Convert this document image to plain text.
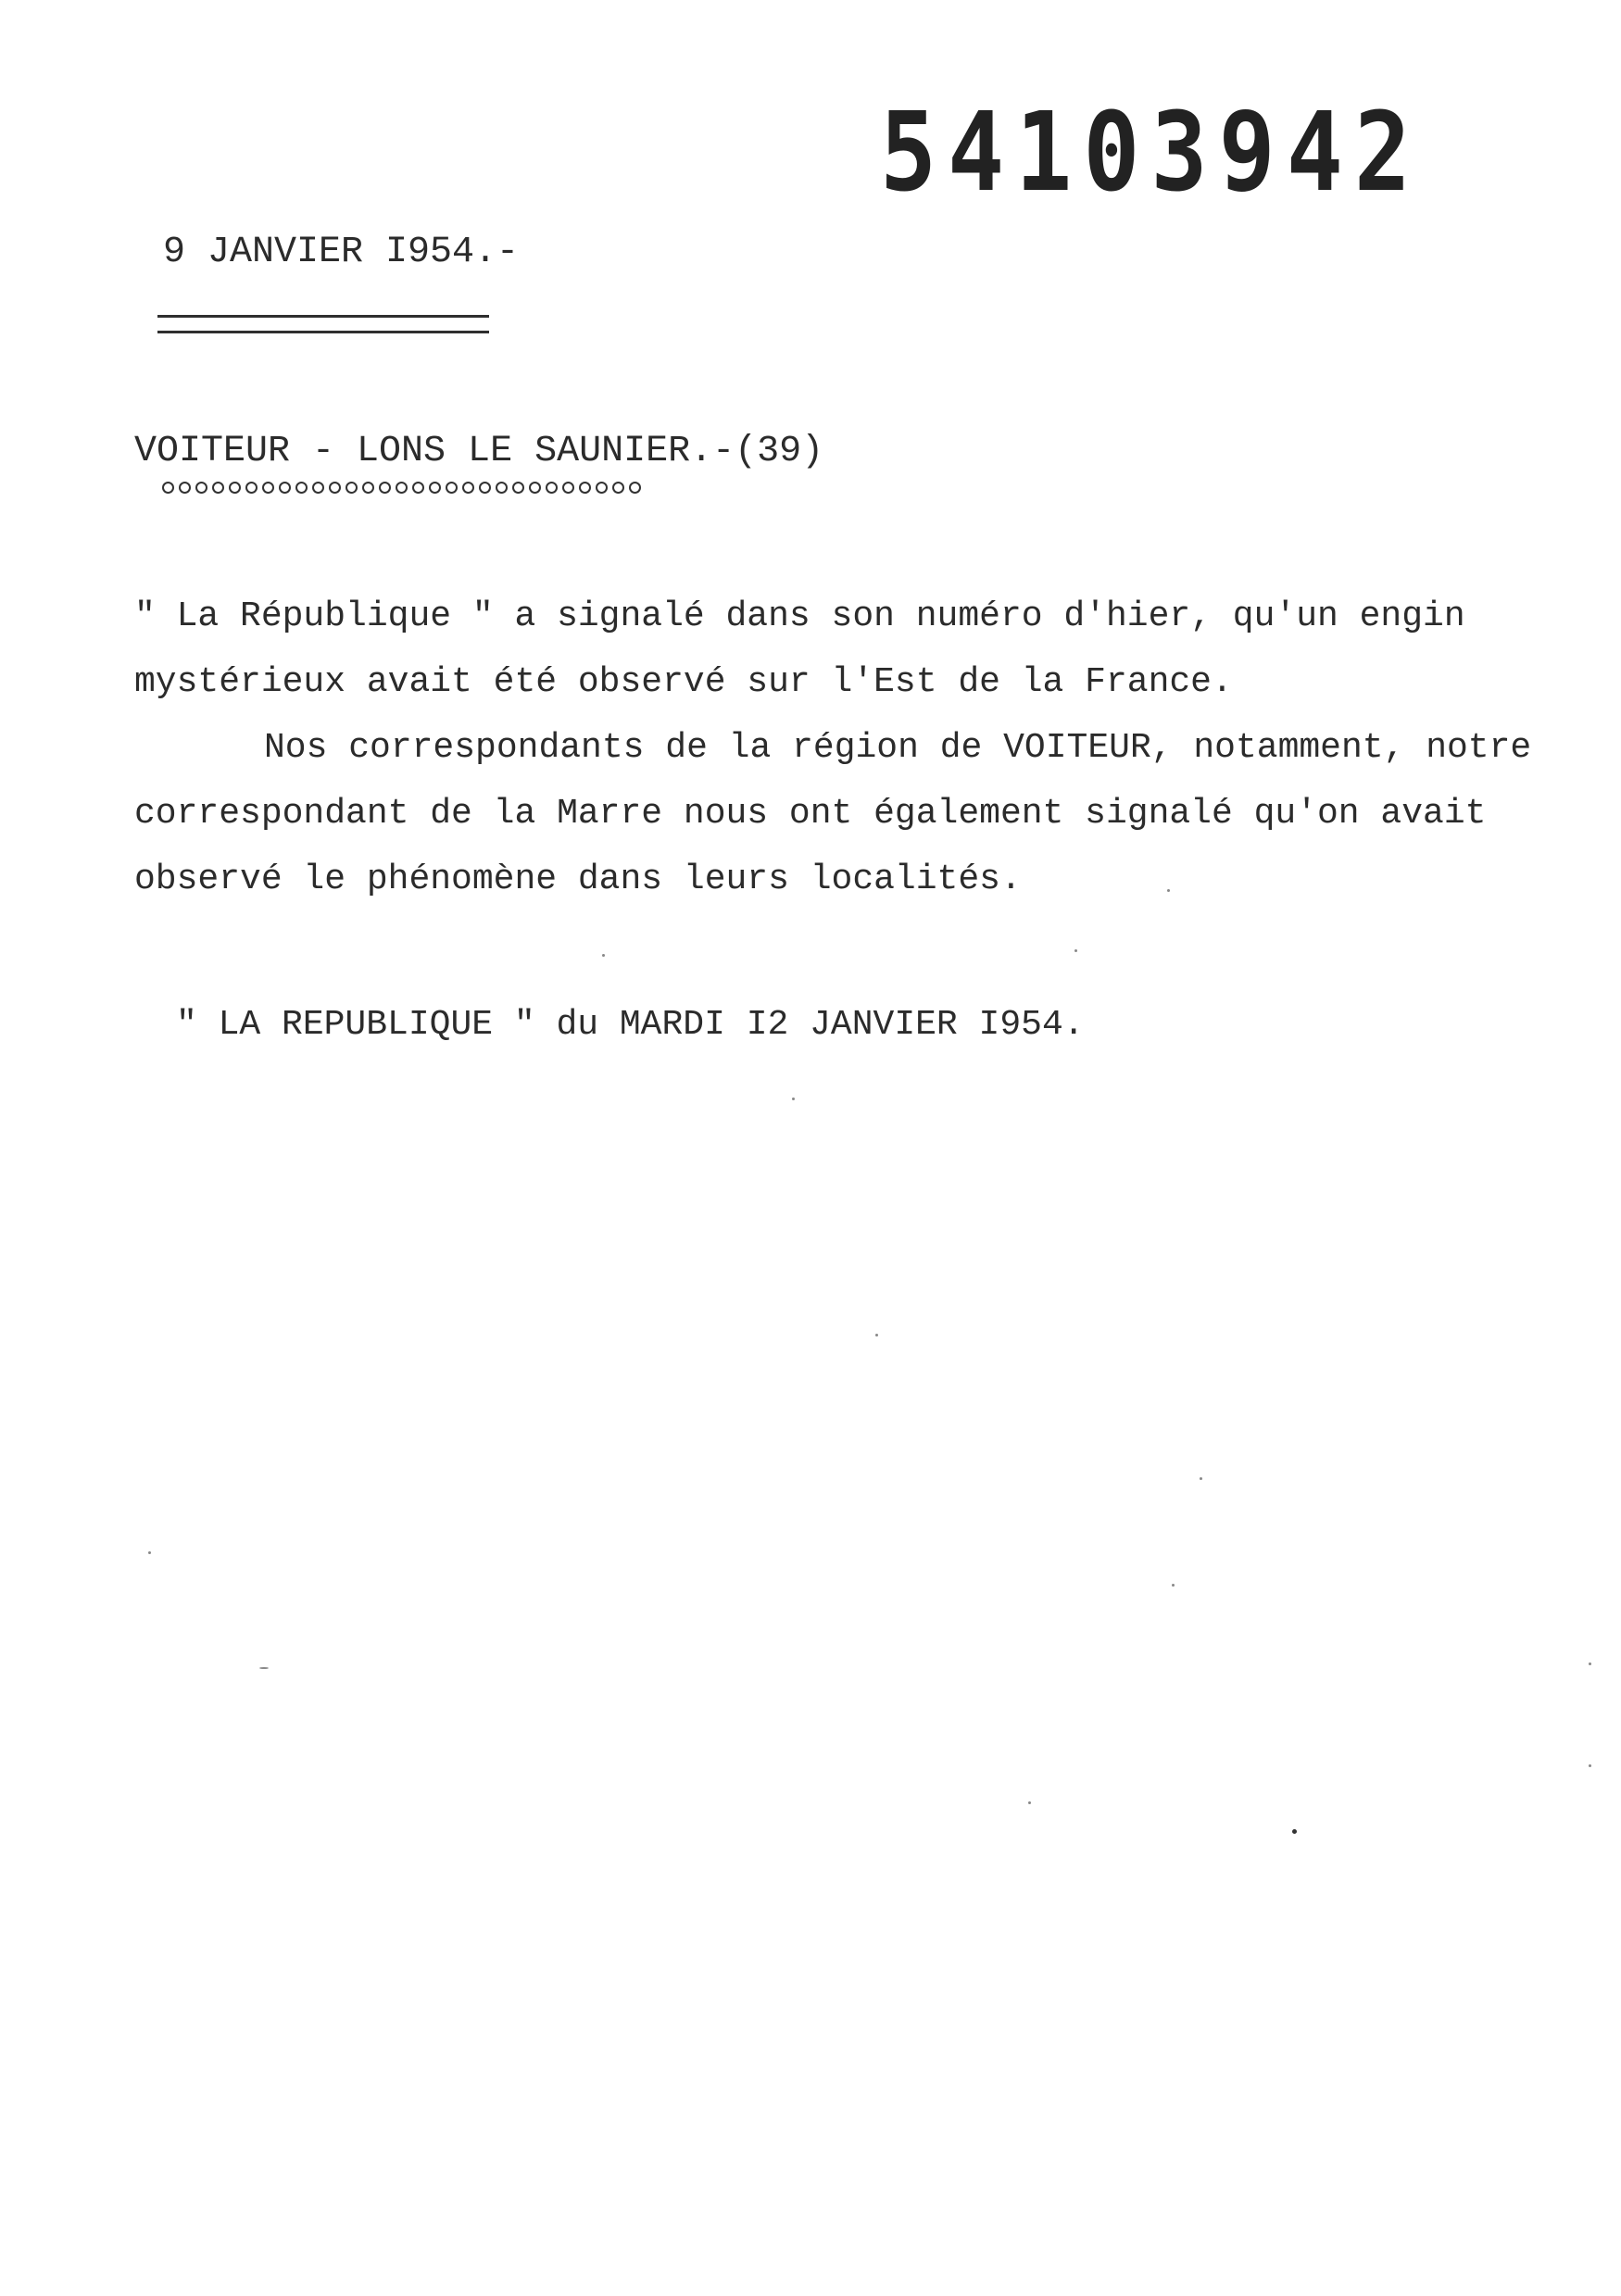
54103942
9 JANVIER I954.-
VOITEUR - LONS LE SAUNIER.-(39)

" La République " a signalé dans son numéro d'hier, qu'un engin

mystérieux avait été observé sur l'Est de la France.

Nos correspondants de la région de VOITEUR, notamment, notre

correspondant de la Marre nous ont également signalé qu'on avait

observé le phénomène dans leurs localités.

" LA REPUBLIQUE " du MARDI I2 JANVIER I954.
